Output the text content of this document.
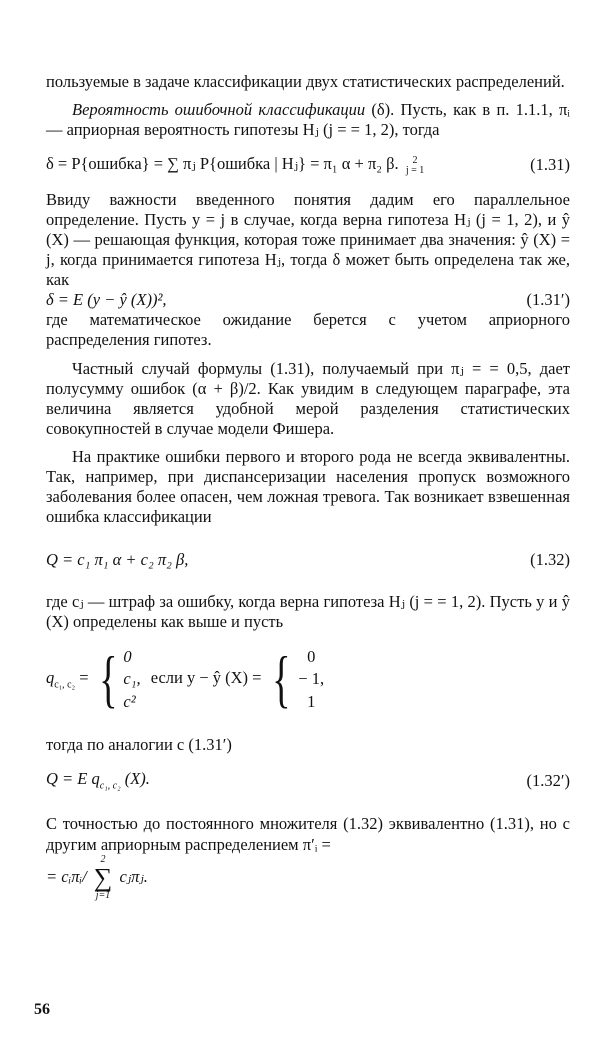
пользуемые в задаче классификации двух статистических распределений.

Вероятность ошибочной классификации (δ). Пусть, как в п. 1.1.1, πᵢ — априорная вероятность гипотезы Hⱼ (j = = 1, 2), тогда

δ = P{ошибка} = ∑ πⱼ P{ошибка | Hⱼ} = π₁ α + π₂ β. 2
j = 1	(1.31)

Ввиду важности введенного понятия дадим его параллельное определение. Пусть y = j в случае, когда верна гипотеза Hⱼ (j = 1, 2), и ŷ (X) — решающая функция, которая тоже принимает два значения: ŷ (X) = j, когда принимается гипотеза Hⱼ, тогда δ может быть определена так же, как

δ = E (y − ŷ (X))²,	(1.31′)

где математическое ожидание берется с учетом априорного распределения гипотез.

Частный случай формулы (1.31), получаемый при πⱼ = = 0,5, дает полусумму ошибок (α + β)/2. Как увидим в следующем параграфе, эта величина является удобной мерой разделения статистических совокупностей в случае модели Фишера.

На практике ошибки первого и второго рода не всегда эквивалентны. Так, например, при диспансеризации населения пропуск возможного заболевания более опасен, чем ложная тревога. Так возникает взвешенная ошибка классификации

Q = c₁ π₁ α + c₂ π₂ β,	(1.32)

где cⱼ — штраф за ошибку, когда верна гипотеза Hⱼ (j = = 1, 2). Пусть y и ŷ (X) определены как выше и пусть

$q_{c_1, c_2}$ = { 0
c₁,
c²
если y − ŷ (X) = { 0
− 1,
1

тогда по аналогии с (1.31′)

Q = E $q_{c_1, c_2}$ (X).	(1.32′)

С точностью до постоянного множителя (1.32) эквивалентно (1.31), но с другим априорным распределением π′ᵢ =

= cᵢπᵢ/
2
∑
j=1
cⱼπⱼ.
56
